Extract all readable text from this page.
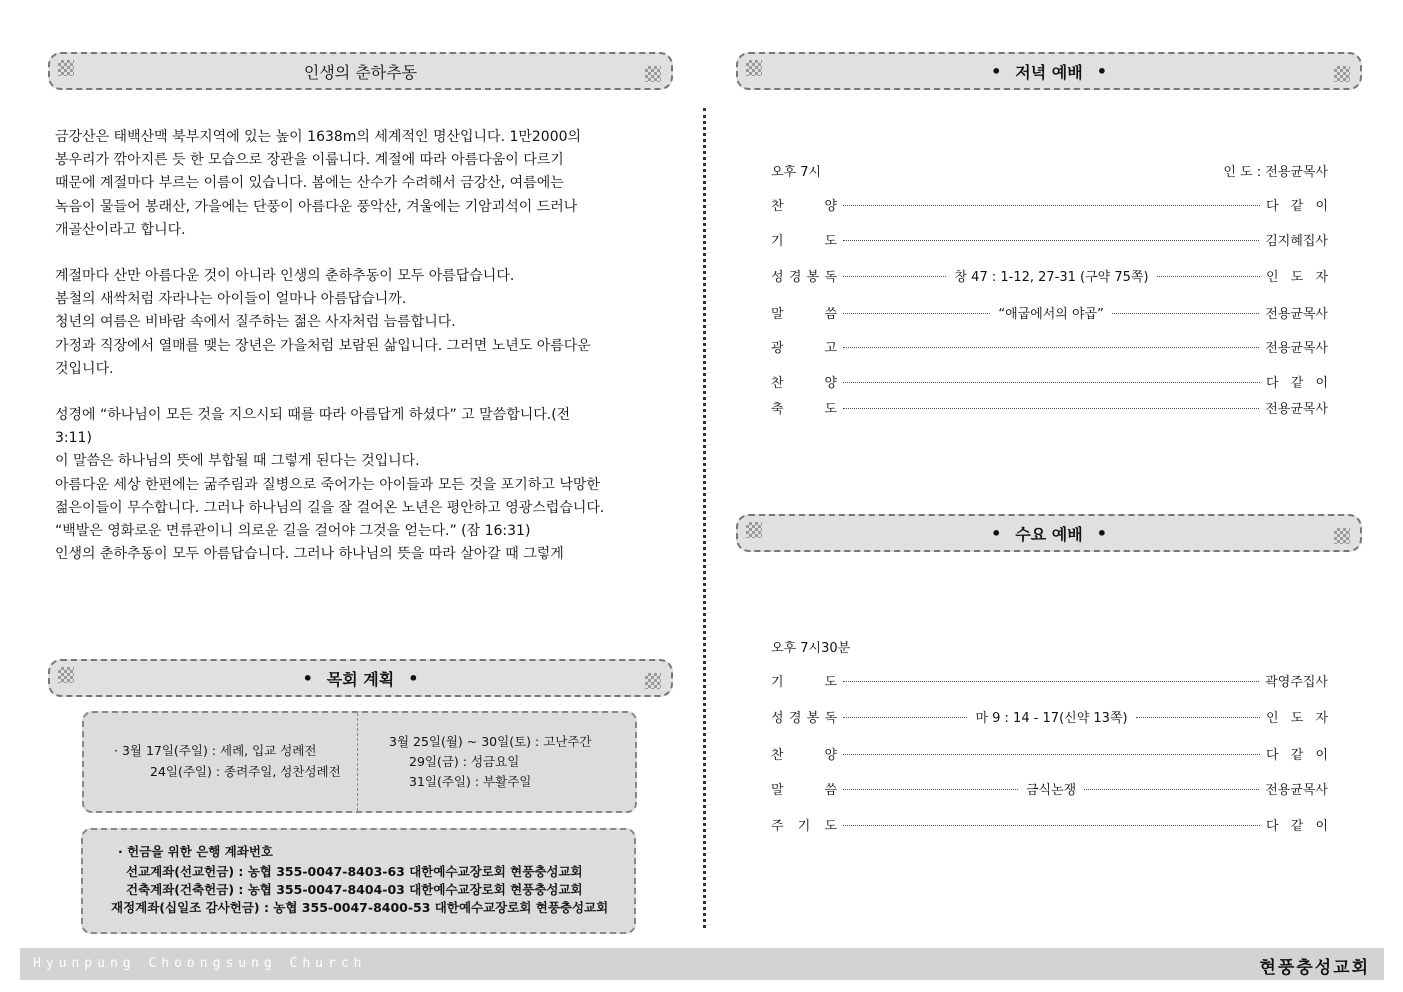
인생의 춘하추동	• 저녁 예배 •
• 수요 예배 •
• 목회 계획 •

금강산은 태백산맥 북부지역에 있는 높이 1638m의 세계적인 명산입니다. 1만2000의

봉우리가 깎아지른 듯 한 모습으로 장관을 이룹니다. 계절에 따라 아름다움이 다르기

때문에 계절마다 부르는 이름이 있습니다. 봄에는 산수가 수려해서 금강산, 여름에는

녹음이 물들어 봉래산, 가을에는 단풍이 아름다운 풍악산, 겨울에는 기암괴석이 드러나

개골산이라고 합니다.

계절마다 산만 아름다운 것이 아니라 인생의 춘하추동이 모두 아름답습니다.

봄철의 새싹처럼 자라나는 아이들이 얼마나 아름답습니까.

청년의 여름은 비바람 속에서 질주하는 젊은 사자처럼 늠름합니다.

가정과 직장에서 열매를 맺는 장년은 가을처럼 보람된 삶입니다. 그러면 노년도 아름다운

것입니다.

성경에 “하나님이 모든 것을 지으시되 때를 따라 아름답게 하셨다” 고 말씀합니다.(전

3:11)

이 말씀은 하나님의 뜻에 부합될 때 그렇게 된다는 것입니다.

아름다운 세상 한편에는 굶주림과 질병으로 죽어가는 아이들과 모든 것을 포기하고 낙망한

젊은이들이 무수합니다. 그러나 하나님의 길을 잘 걸어온 노년은 평안하고 영광스럽습니다.

“백발은 영화로운 면류관이니 의로운 길을 걸어야 그것을 얻는다.” (잠 16:31)

인생의 춘하추동이 모두 아름답습니다. 그러나 하나님의 뜻을 따라 살아갈 때 그렇게

오후 7시	인 도 : 전용균목사
찬	양	다 같 이
기	도	김지혜집사
성 경 봉 독	창 47 : 1-12, 27-31 (구약 75쪽)	인 도 자
말	씀	“애굽에서의 야곱”	전용균목사
광	고	전용균목사
찬	양	다 같 이
축	도	전용균목사
오후 7시30분
기	도	곽영주집사
성 경 봉 독	마 9 : 14 - 17(신약 13쪽)	인 도 자
찬	양	다 같 이
말	씀	금식논쟁	전용균목사
주 기 도	다 같 이
· 3월 17일(주일) : 세례, 입교 성례전
24일(주일) : 종려주일, 성찬성례전
3월 25일(월) ~ 30일(토) : 고난주간
29일(금) : 성금요일
31일(주일) : 부활주일
· 헌금을 위한 은행 계좌번호
선교계좌(선교헌금) : 농협 355-0047-8403-63 대한예수교장로회 현풍충성교회
건축계좌(건축헌금) : 농협 355-0047-8404-03 대한예수교장로회 현풍충성교회
재정계좌(십일조 감사헌금) : 농협 355-0047-8400-53 대한예수교장로회 현풍충성교회
Hyunpung Choongsung Church	현풍충성교회
